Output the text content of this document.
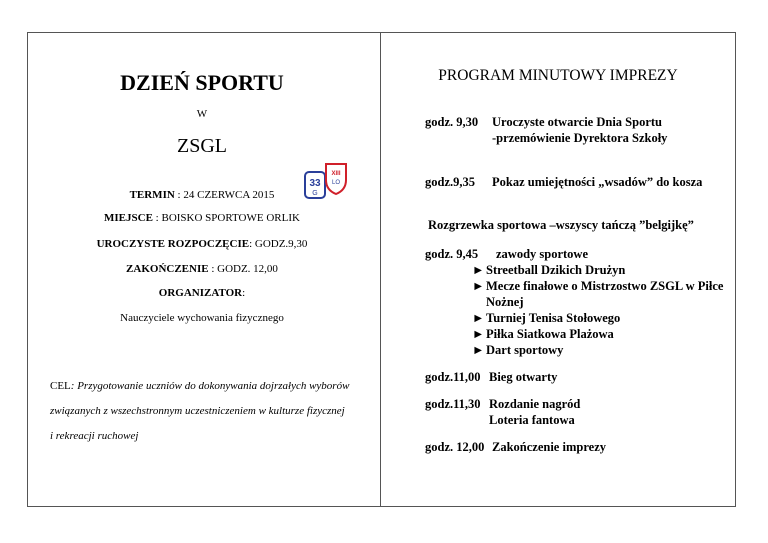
DZIEŃ SPORTU
W
ZSGL
33
G
XIII
LO
TERMIN : 24 CZERWCA 2015
MIEJSCE : BOISKO SPORTOWE ORLIK
UROCZYSTE ROZPOCZĘCIE: GODZ.9,30
ZAKOŃCZENIE : GODZ. 12,00
ORGANIZATOR:
Nauczyciele wychowania fizycznego
CEL: Przygotowanie uczniów do dokonywania dojrzałych wyborów
związanych z wszechstronnym uczestniczeniem w kulturze fizycznej
i rekreacji ruchowej
PROGRAM MINUTOWY IMPREZY
godz. 9,30 Uroczyste otwarcie Dnia Sportu
-przemówienie Dyrektora Szkoły
godz.9,35 Pokaz umiejętności „wsadów” do kosza
Rozgrzewka sportowa –wszyscy tańczą ”belgijkę”
godz. 9,45 zawody sportowe
► Streetball Dzikich Drużyn
► Mecze finałowe o Mistrzostwo ZSGL w Piłce
Nożnej
► Turniej Tenisa Stołowego
► Piłka Siatkowa Plażowa
► Dart sportowy
godz.11,00 Bieg otwarty
godz.11,30 Rozdanie nagród
Loteria fantowa
godz. 12,00 Zakończenie imprezy
